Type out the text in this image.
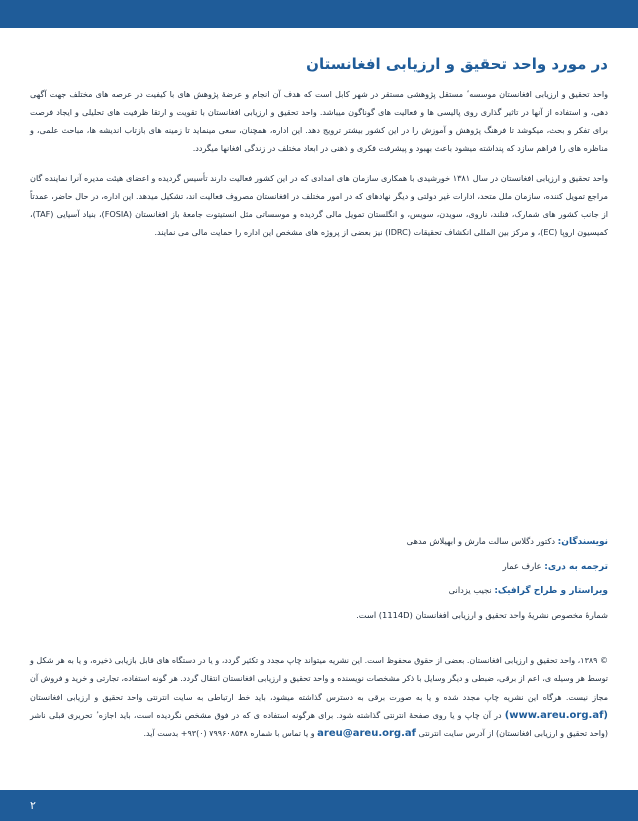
در مورد واحد تحقیق و ارزیابی افغانستان

واحد تحقیق و ارزیابی افغانستان موسسه ٔ مستقل پژوهشی مستقر در شهر کابل است که هدف آن انجام و عرضهٔ پژوهش های با کیفیت در عرصه های مختلف جهت آگهی دهی، و استفاده از آنها در تاثیر گذاری روی پالیسی ها و فعالیت های گوناگون میباشد. واحد تحقیق و ارزیابی افغانستان با تقویت و ارتقا ظرفیت های تحلیلی و ایجاد فرصت برای تفکر و بحث، میکوشد تا فرهنگ پژوهش و آموزش را در این کشور بیشتر ترویج دهد. این اداره، همچنان، سعی مینماید تا زمینه های بازتاب اندیشه ها، مباحث علمی، و مناظره های را فراهم سازد که پنداشته میشود باعث بهبود و پیشرفت فکری و ذهنی در ابعاد مختلف در زندگی افغانها میگردد.

واحد تحقیق و ارزیابی افغانستان در سال ۱۳۸۱ خورشیدی با همکاری سازمان های امدادی که در این کشور فعالیت دارند تأسیس گردیده و اعضای هیئت مدیره آنرا نماینده گان مراجع تمویل کننده، سازمان ملل متحد، ادارات غیر دولتی و دیگر نهادهای که در امور مختلف در افغانستان مصروف فعالیت اند، تشکیل میدهد. این اداره، در حال حاضر، عمدتاً از جانب کشور های شمارک، فنلند، ناروی، سویدن، سویس، و انگلستان تمویل مالی گردیده و موسساتی مثل انستیتوت جامعهٔ باز افغانستان (FOSIA)، بنیاد آسیایی (TAF)، کمیسیون اروپا (EC)، و مرکز بین المللی انکشاف تحقیقات (IDRC) نیز بعضی از پروژه های مشخص این اداره را حمایت مالی می نمایند.

نویسندگان: دکتور دگلاس سالت مارش و ابهیلاش مدهی

ترجمه به دری: عارف عمار

ویراستار و طراح گرافیک: نجیب یزدانی

شمارهٔ مخصوص نشریهٔ واحد تحقیق و ارزیابی افغانستان (1114D) است.

© ۱۳۸۹، واحد تحقیق و ارزیابی افغانستان. بعضی از حقوق محفوظ است. این نشریه میتواند چاپ مجدد و تکثیر گردد، و یا در دستگاه های قابل بازیابی ذخیره، و یا به هر شکل و توسط هر وسیله ی، اعم از برقی، ضبطی و دیگر وسایل با ذکر مشخصات نویسنده و واحد تحقیق و ارزیابی افغانستان انتقال گردد. هر گونه استفاده، تجارتی و خرید و فروش آن مجاز نیست. هرگاه این نشریه چاپ مجدد شده و یا به صورت برقی به دسترس گذاشته میشود، باید خط ارتباطی به سایت انترنتی واحد تحقیق و ارزیابی افغانستان (www.areu.org.af) در آن چاپ و یا روی صفحهٔ انترنتی گذاشته شود. برای هرگونه استفاده ی که در فوق مشخص نگردیده است، باید اجازه ٔ تحریری قبلی ناشر (واحد تحقیق و ارزیابی افغانستان) از آدرس سایت انترنتی areu@areu.org.af و یا تماس با شماره ۷۹۹۶۰۸۵۴۸ (۰)۹۳+ بدست آید.
۲
